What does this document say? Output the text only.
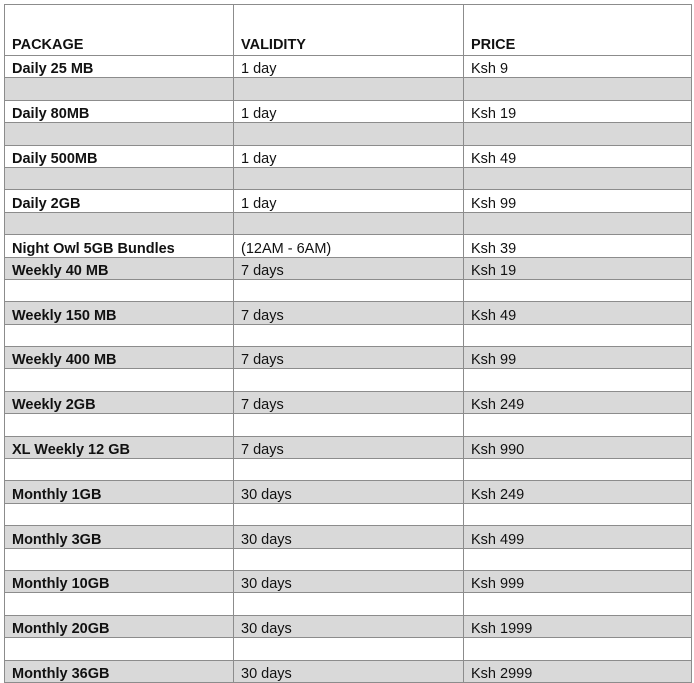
PACKAGE	VALIDITY	PRICE
Daily 25 MB	1 day	Ksh 9

Daily 80MB	1 day	Ksh 19

Daily 500MB	1 day	Ksh 49

Daily 2GB	1 day	Ksh 99

Night Owl 5GB Bundles	(12AM - 6AM)	Ksh 39
Weekly 40 MB	7 days	Ksh 19

Weekly 150 MB	7 days	Ksh 49

Weekly 400 MB	7 days	Ksh 99

Weekly 2GB	7 days	Ksh 249

XL Weekly 12 GB	7 days	Ksh 990

Monthly 1GB	30 days	Ksh 249

Monthly 3GB	30 days	Ksh 499

Monthly 10GB	30 days	Ksh 999

Monthly 20GB	30 days	Ksh 1999

Monthly 36GB	30 days	Ksh 2999
